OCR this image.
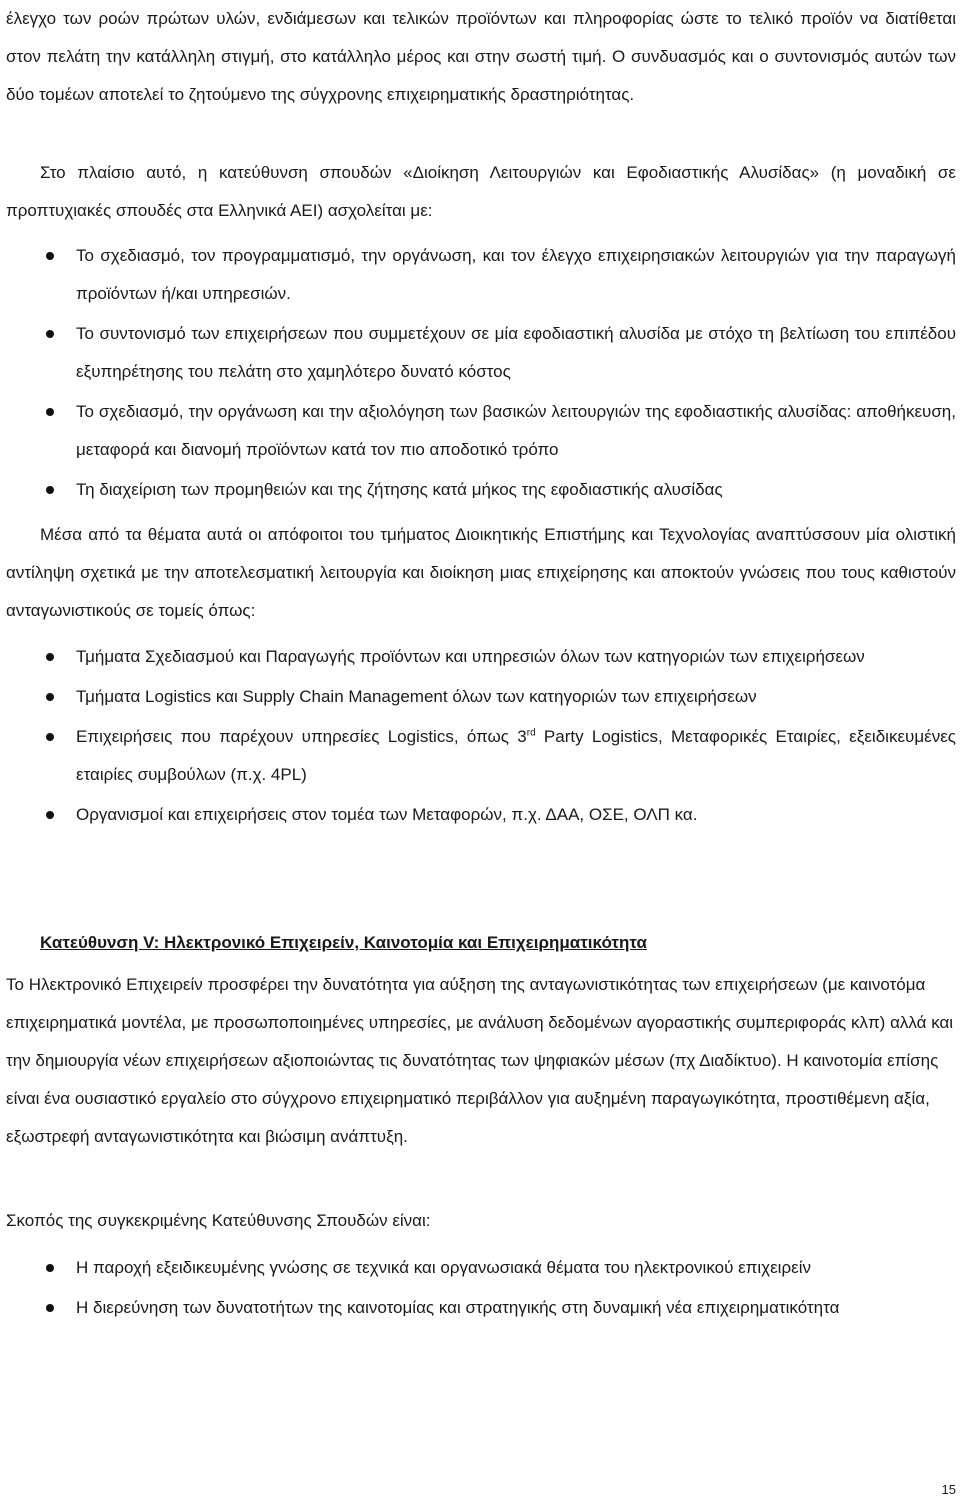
έλεγχο των ροών πρώτων υλών, ενδιάμεσων και τελικών προϊόντων και πληροφορίας ώστε το τελικό προϊόν να διατίθεται στον πελάτη την κατάλληλη στιγμή, στο κατάλληλο μέρος και στην σωστή τιμή. Ο συνδυασμός και ο συντονισμός αυτών των δύο τομέων αποτελεί το ζητούμενο της σύγχρονης επιχειρηματικής δραστηριότητας.

Στο πλαίσιο αυτό, η κατεύθυνση σπουδών «Διοίκηση Λειτουργιών και Εφοδιαστικής Αλυσίδας» (η μοναδική σε προπτυχιακές σπουδές στα Ελληνικά ΑΕΙ) ασχολείται με:

Το σχεδιασμό, τον προγραμματισμό, την οργάνωση, και τον έλεγχο επιχειρησιακών λειτουργιών για την παραγωγή προϊόντων ή/και υπηρεσιών.
Το συντονισμό των επιχειρήσεων που συμμετέχουν σε μία εφοδιαστική αλυσίδα με στόχο τη βελτίωση του επιπέδου εξυπηρέτησης του πελάτη στο χαμηλότερο δυνατό κόστος
Το σχεδιασμό, την οργάνωση και την αξιολόγηση των βασικών λειτουργιών της εφοδιαστικής αλυσίδας: αποθήκευση, μεταφορά και διανομή προϊόντων κατά τον πιο αποδοτικό τρόπο
Τη διαχείριση των προμηθειών και της ζήτησης κατά μήκος της εφοδιαστικής αλυσίδας

Μέσα από τα θέματα αυτά οι απόφοιτοι του τμήματος Διοικητικής Επιστήμης και Τεχνολογίας αναπτύσσουν μία ολιστική αντίληψη σχετικά με την αποτελεσματική λειτουργία και διοίκηση μιας επιχείρησης και αποκτούν γνώσεις που τους καθιστούν ανταγωνιστικούς σε τομείς όπως:

Τμήματα Σχεδιασμού και Παραγωγής προϊόντων και υπηρεσιών όλων των κατηγοριών των επιχειρήσεων
Τμήματα Logistics και Supply Chain Management όλων των κατηγοριών των επιχειρήσεων
Επιχειρήσεις που παρέχουν υπηρεσίες Logistics, όπως 3rd Party Logistics, Μεταφορικές Εταιρίες, εξειδικευμένες εταιρίες συμβούλων (π.χ. 4PL)
Οργανισμοί και επιχειρήσεις στον τομέα των Μεταφορών, π.χ. ΔΑΑ, ΟΣΕ, ΟΛΠ κα.
Κατεύθυνση V: Ηλεκτρονικό Επιχειρείν, Καινοτομία και Επιχειρηματικότητα

Το Ηλεκτρονικό Επιχειρείν προσφέρει την δυνατότητα για αύξηση της ανταγωνιστικότητας των επιχειρήσεων (με καινοτόμα επιχειρηματικά μοντέλα, με προσωποποιημένες υπηρεσίες, με ανάλυση δεδομένων αγοραστικής συμπεριφοράς κλπ) αλλά και την δημιουργία νέων επιχειρήσεων αξιοποιώντας τις δυνατότητας των ψηφιακών μέσων (πχ Διαδίκτυο). Η καινοτομία επίσης είναι ένα ουσιαστικό εργαλείο στο σύγχρονο επιχειρηματικό περιβάλλον για αυξημένη παραγωγικότητα, προστιθέμενη αξία, εξωστρεφή ανταγωνιστικότητα και βιώσιμη ανάπτυξη.

Σκοπός της συγκεκριμένης Κατεύθυνσης Σπουδών είναι:

Η παροχή εξειδικευμένης γνώσης σε τεχνικά και οργανωσιακά θέματα του ηλεκτρονικού επιχειρείν
Η διερεύνηση των δυνατοτήτων της καινοτομίας και στρατηγικής στη δυναμική νέα επιχειρηματικότητα
15
